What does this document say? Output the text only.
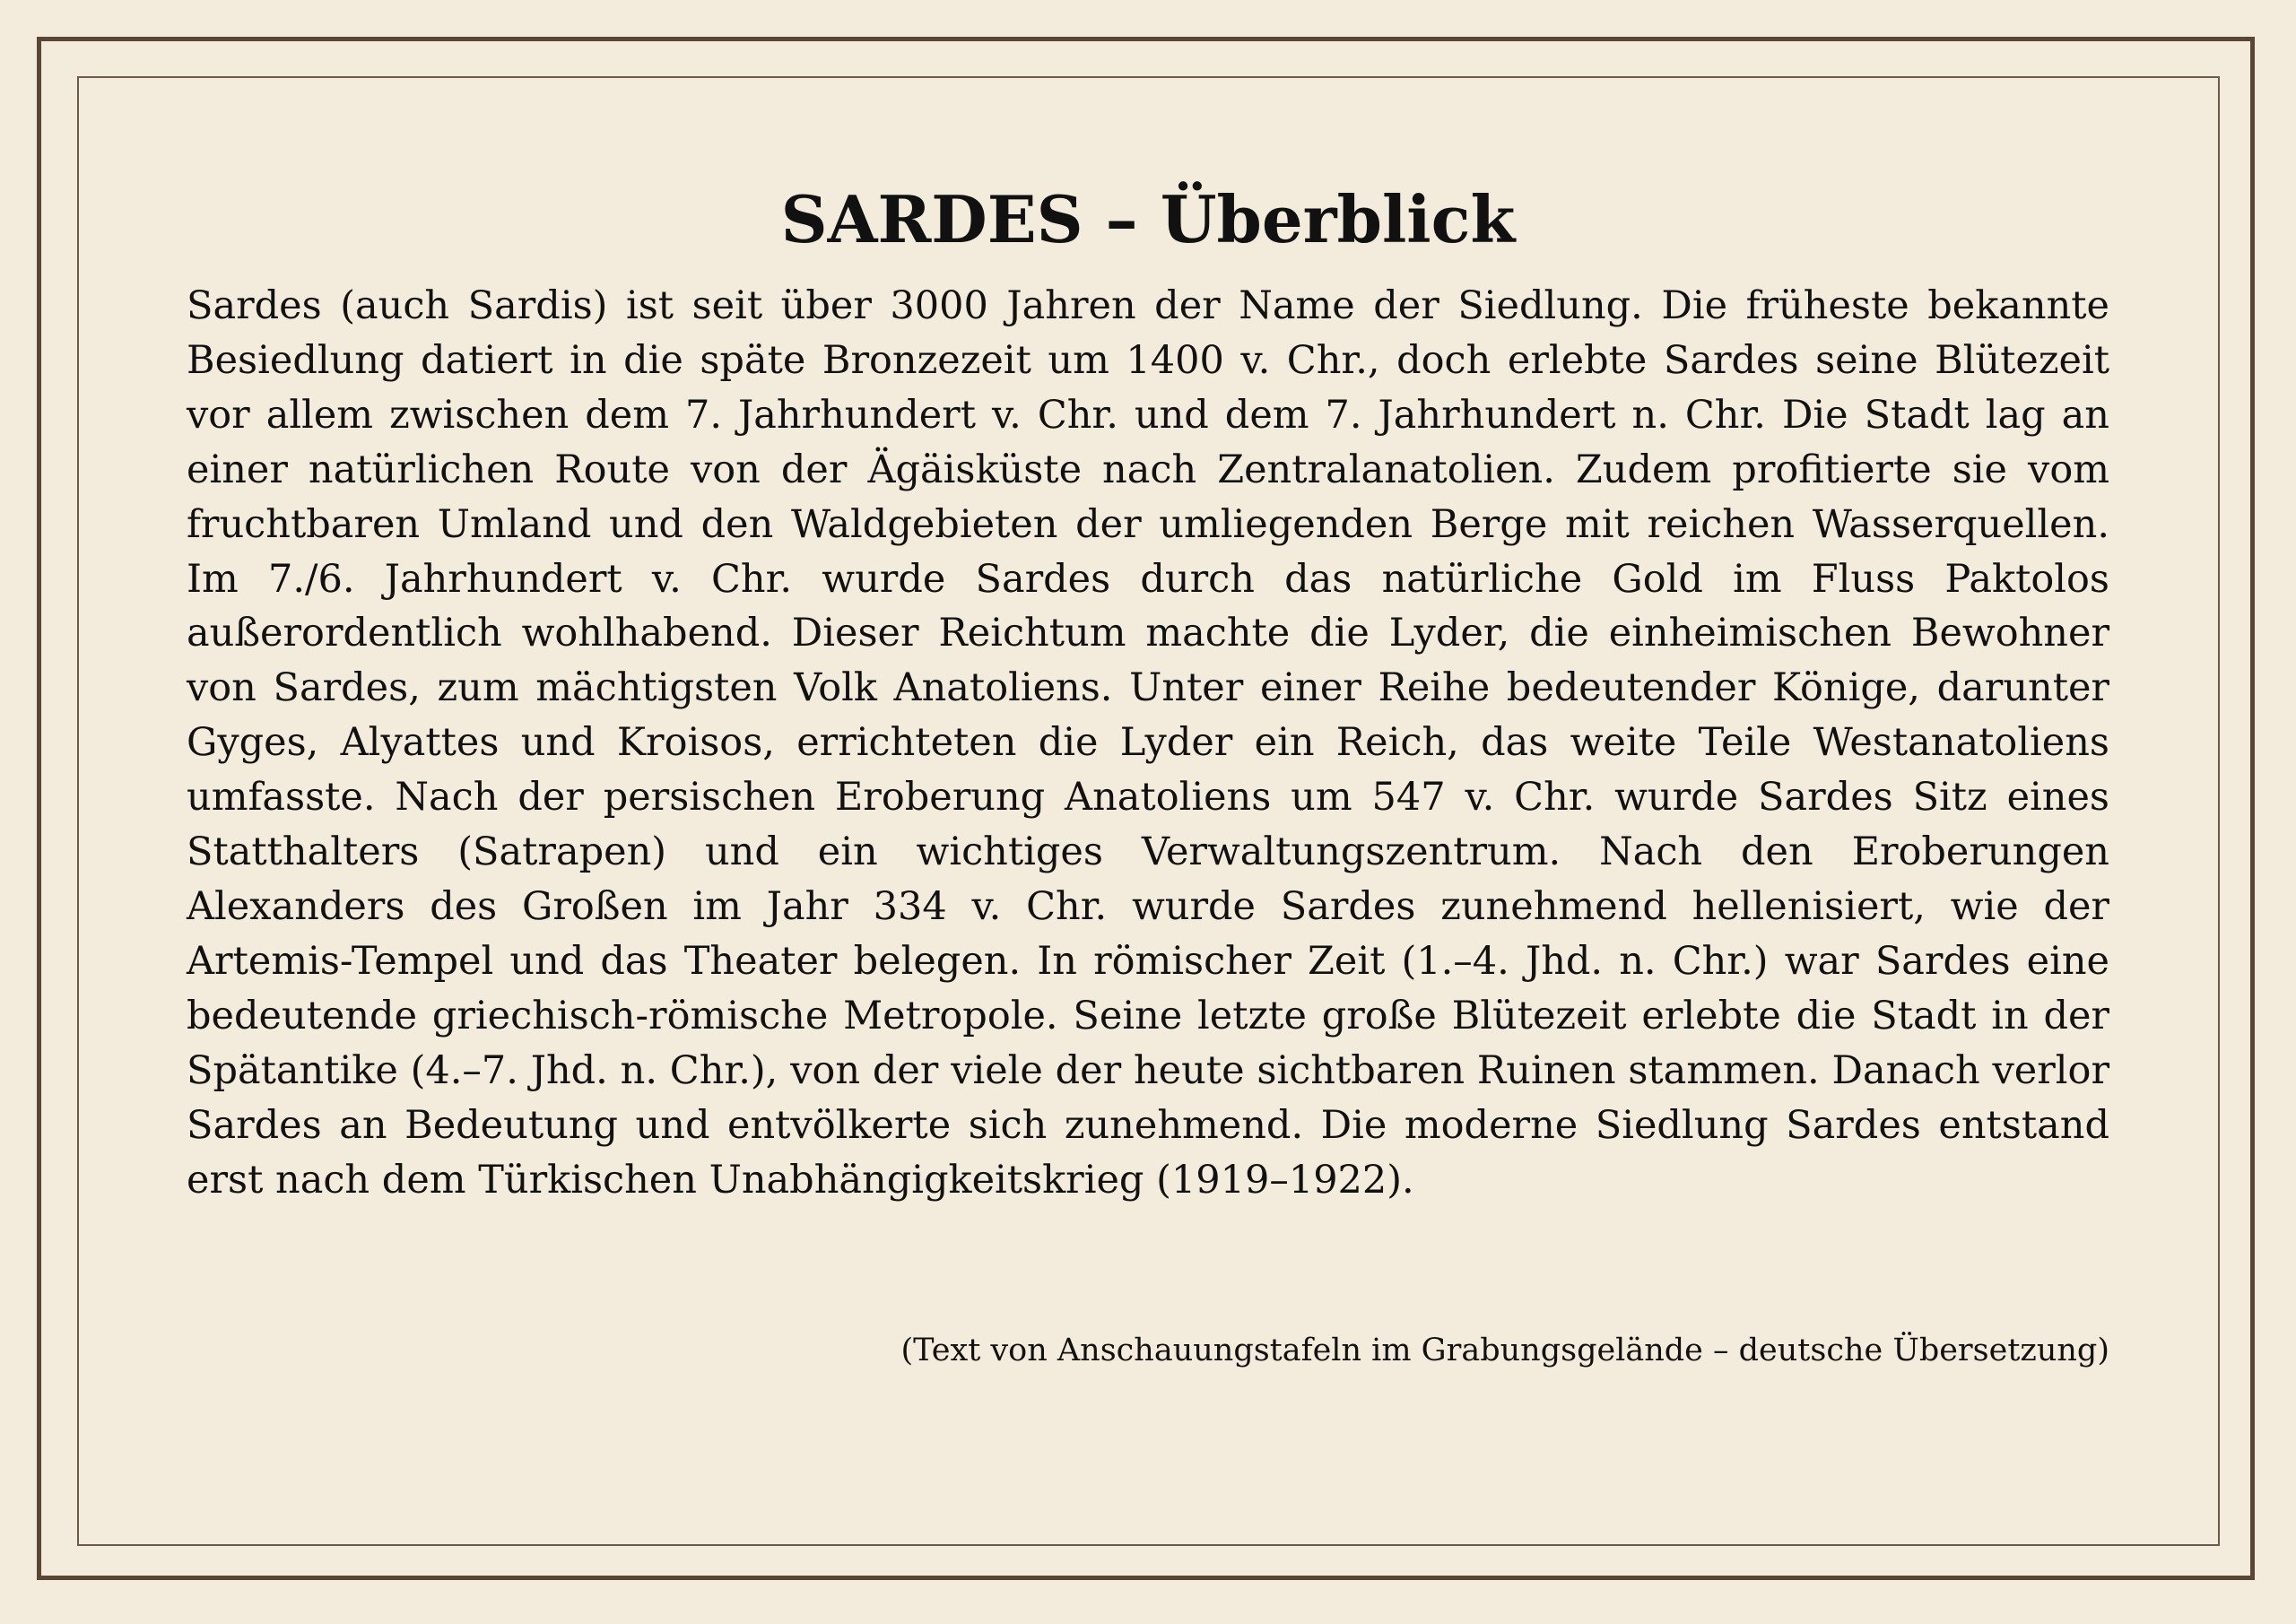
SARDES – Überblick

Sardes (auch Sardis) ist seit über 3000 Jahren der Name der Siedlung. Die früheste bekannte Besiedlung datiert in die späte Bronzezeit um 1400 v. Chr., doch erlebte Sardes seine Blütezeit vor allem zwischen dem 7. Jahrhundert v. Chr. und dem 7. Jahrhundert n. Chr. Die Stadt lag an einer natürlichen Route von der Ägäisküste nach Zentralanatolien. Zudem profitierte sie vom fruchtbaren Umland und den Waldgebieten der umliegenden Berge mit reichen Wasserquellen. Im 7./6. Jahrhundert v. Chr. wurde Sardes durch das natürliche Gold im Fluss Paktolos außerordentlich wohlhabend. Dieser Reichtum machte die Lyder, die einheimischen Bewohner von Sardes, zum mächtigsten Volk Anatoliens. Unter einer Reihe bedeutender Könige, darunter Gyges, Alyattes und Kroisos, errichteten die Lyder ein Reich, das weite Teile Westanatoliens umfasste. Nach der persischen Eroberung Anatoliens um 547 v. Chr. wurde Sardes Sitz eines Statthalters (Satrapen) und ein wichtiges Verwaltungszentrum. Nach den Eroberungen Alexanders des Großen im Jahr 334 v. Chr. wurde Sardes zunehmend hellenisiert, wie der Artemis-Tempel und das Theater belegen. In römischer Zeit (1.–4. Jhd. n. Chr.) war Sardes eine bedeutende griechisch-römische Metropole. Seine letzte große Blütezeit erlebte die Stadt in der Spätantike (4.–7. Jhd. n. Chr.), von der viele der heute sichtbaren Ruinen stammen. Danach verlor Sardes an Bedeutung und entvölkerte sich zunehmend. Die moderne Siedlung Sardes entstand erst nach dem Türkischen Unabhängigkeitskrieg (1919–1922).

(Text von Anschauungstafeln im Grabungsgelände – deutsche Übersetzung)
